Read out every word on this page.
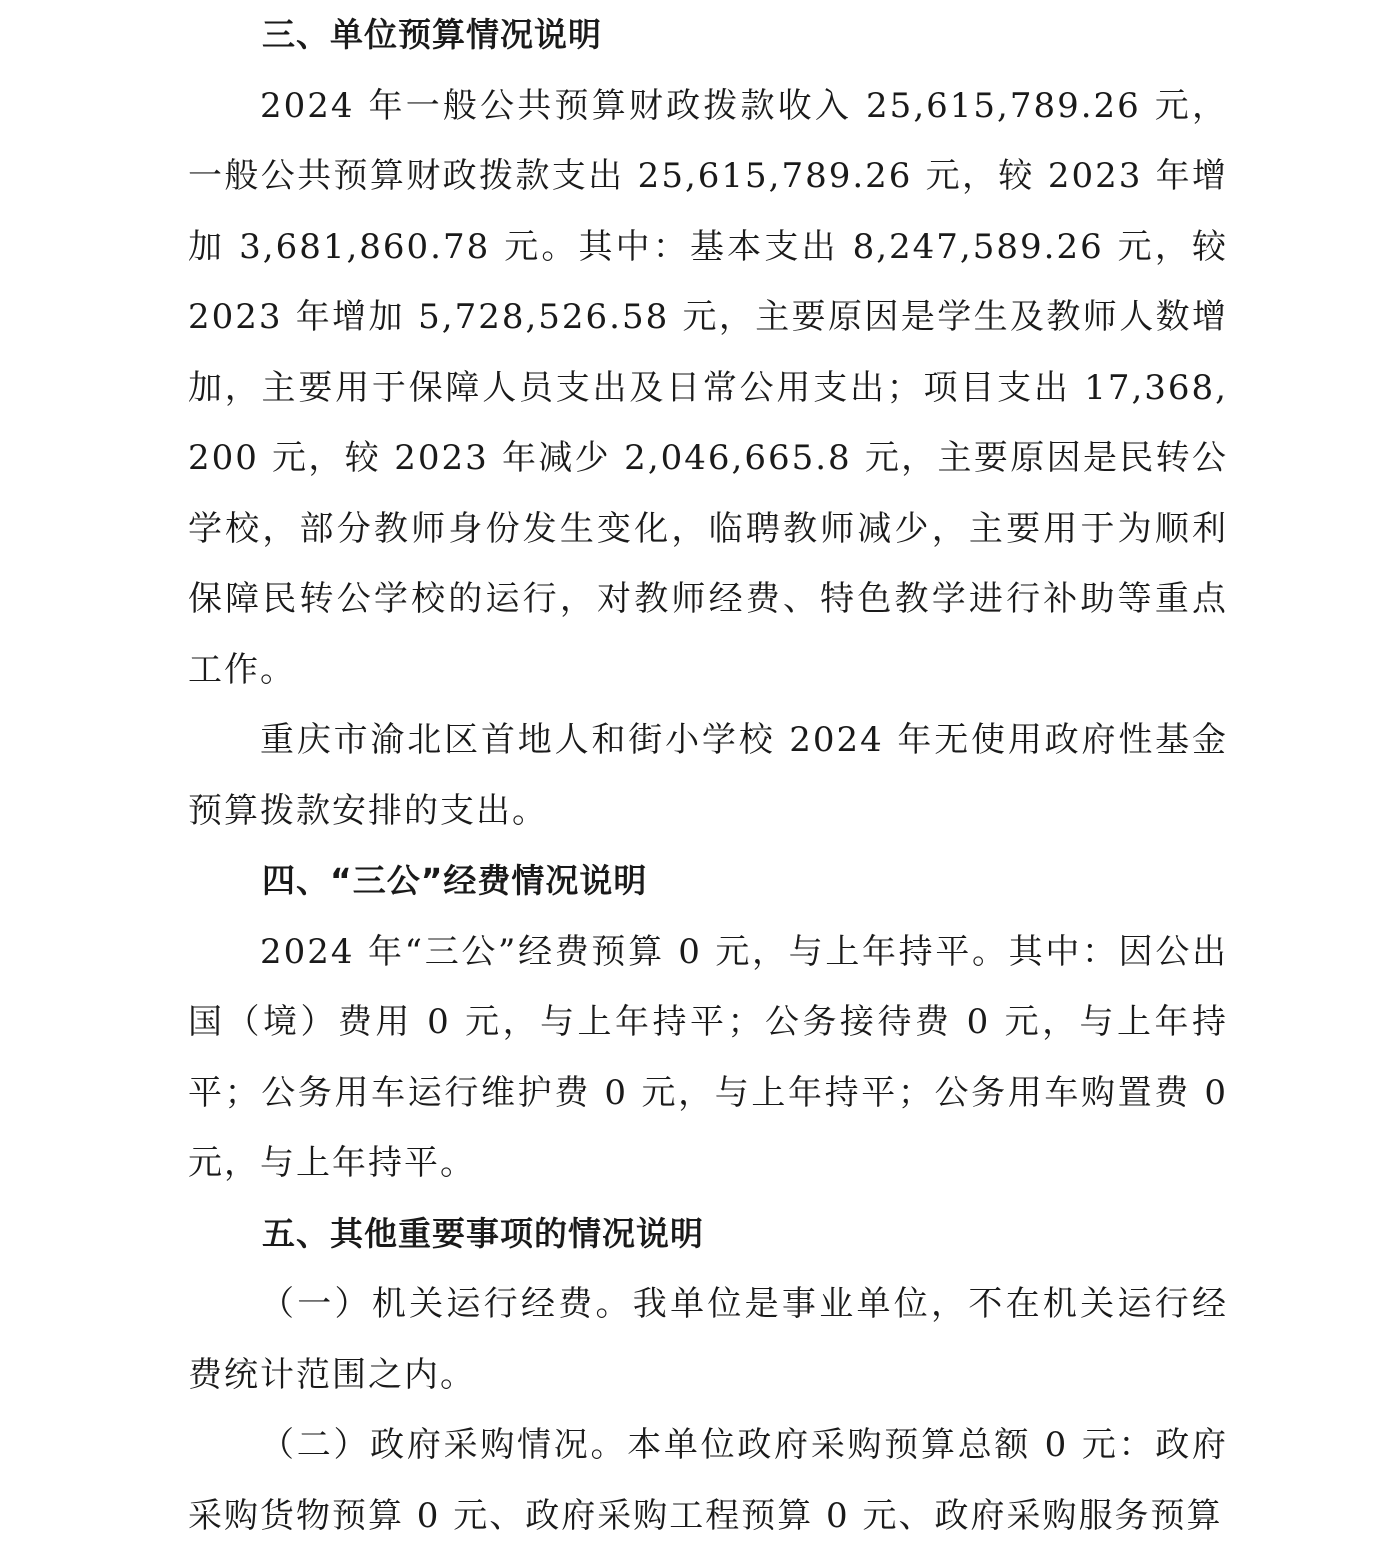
三、单位预算情况说明

2024 年一般公共预算财政拨款收入 25,615,789.26 元，一般公共预算财政拨款支出 25,615,789.26 元，较 2023 年增加 3,681,860.78 元。其中：基本支出 8,247,589.26 元，较 2023 年增加 5,728,526.58 元，主要原因是学生及教师人数增加，主要用于保障人员支出及日常公用支出；项目支出 17,368,200 元，较 2023 年减少 2,046,665.8 元，主要原因是民转公学校，部分教师身份发生变化，临聘教师减少，主要用于为顺利保障民转公学校的运行，对教师经费、特色教学进行补助等重点工作。

重庆市渝北区首地人和街小学校 2024 年无使用政府性基金预算拨款安排的支出。

四、“三公”经费情况说明

2024 年“三公”经费预算 0 元，与上年持平。其中：因公出国（境）费用 0 元，与上年持平；公务接待费 0 元，与上年持平；公务用车运行维护费 0 元，与上年持平；公务用车购置费 0 元，与上年持平。

五、其他重要事项的情况说明

（一）机关运行经费。我单位是事业单位，不在机关运行经费统计范围之内。

（二）政府采购情况。本单位政府采购预算总额 0 元：政府采购货物预算 0 元、政府采购工程预算 0 元、政府采购服务预算
